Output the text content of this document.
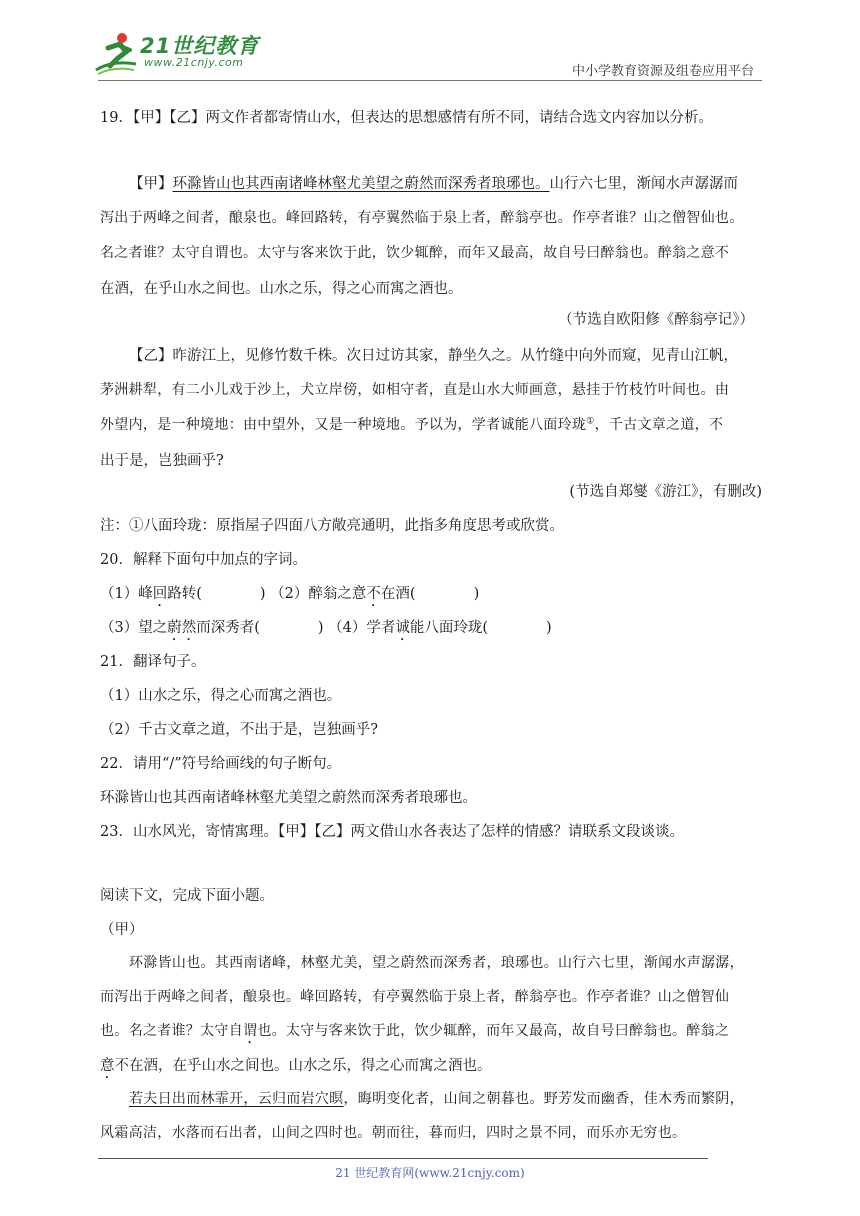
21世纪教育
www.21cnjy.com
中小学教育资源及组卷应用平台
19．【甲】【乙】两文作者都寄情山水，但表达的思想感情有所不同，请结合选文内容加以分析。
【甲】环滁皆山也其西南诸峰林壑尤美望之蔚然而深秀者琅琊也。山行六七里，渐闻水声潺潺而
泻出于两峰之间者，酿泉也。峰回路转，有亭翼然临于泉上者，醉翁亭也。作亭者谁？山之僧智仙也。
名之者谁？太守自谓也。太守与客来饮于此，饮少辄醉，而年又最高，故自号曰醉翁也。醉翁之意不
在酒，在乎山水之间也。山水之乐，得之心而寓之酒也。
（节选自欧阳修《醉翁亭记》）
【乙】昨游江上，见修竹数千株。次日过访其家，静坐久之。从竹缝中向外而窥，见青山江帆，
茅洲耕犁，有二小儿戏于沙上，犬立岸傍，如相守者，直是山水大师画意，悬挂于竹枝竹叶间也。由
外望内，是一种境地：由中望外，又是一种境地。予以为，学者诚能八面玲珑①，千古文章之道，不
出于是，岂独画乎?
(节选自郑燮《游江》，有删改)
注：①八面玲珑：原指屋子四面八方敞亮通明，此指多角度思考或欣赏。
20．解释下面句中加点的字词。
（1）峰回路转(　　　　) （2）醉翁之意不在酒(　　　　)
（3）望之蔚然而深秀者(　　　　) （4）学者诚能八面玲珑(　　　　)
21．翻译句子。
（1）山水之乐，得之心而寓之酒也。
（2）千古文章之道，不出于是，岂独画乎?
22．请用“/”符号给画线的句子断句。
环滁皆山也其西南诸峰林壑尤美望之蔚然而深秀者琅琊也。
23．山水风光，寄情寓理。【甲】【乙】两文借山水各表达了怎样的情感？请联系文段谈谈。
阅读下文，完成下面小题。
（甲）
环滁皆山也。其西南诸峰，林壑尤美，望之蔚然而深秀者，琅琊也。山行六七里，渐闻水声潺潺，
而泻出于两峰之间者，酿泉也。峰回路转，有亭翼然临于泉上者，醉翁亭也。作亭者谁？山之僧智仙
也。名之者谁？太守自谓也。太守与客来饮于此，饮少辄醉，而年又最高，故自号曰醉翁也。醉翁之
意不在酒，在乎山水之间也。山水之乐，得之心而寓之酒也。
若夫日出而林霏开，云归而岩穴暝，晦明变化者，山间之朝暮也。野芳发而幽香，佳木秀而繁阴，
风霜高洁，水落而石出者，山间之四时也。朝而往，暮而归，四时之景不同，而乐亦无穷也。
21 世纪教育网(www.21cnjy.com)
